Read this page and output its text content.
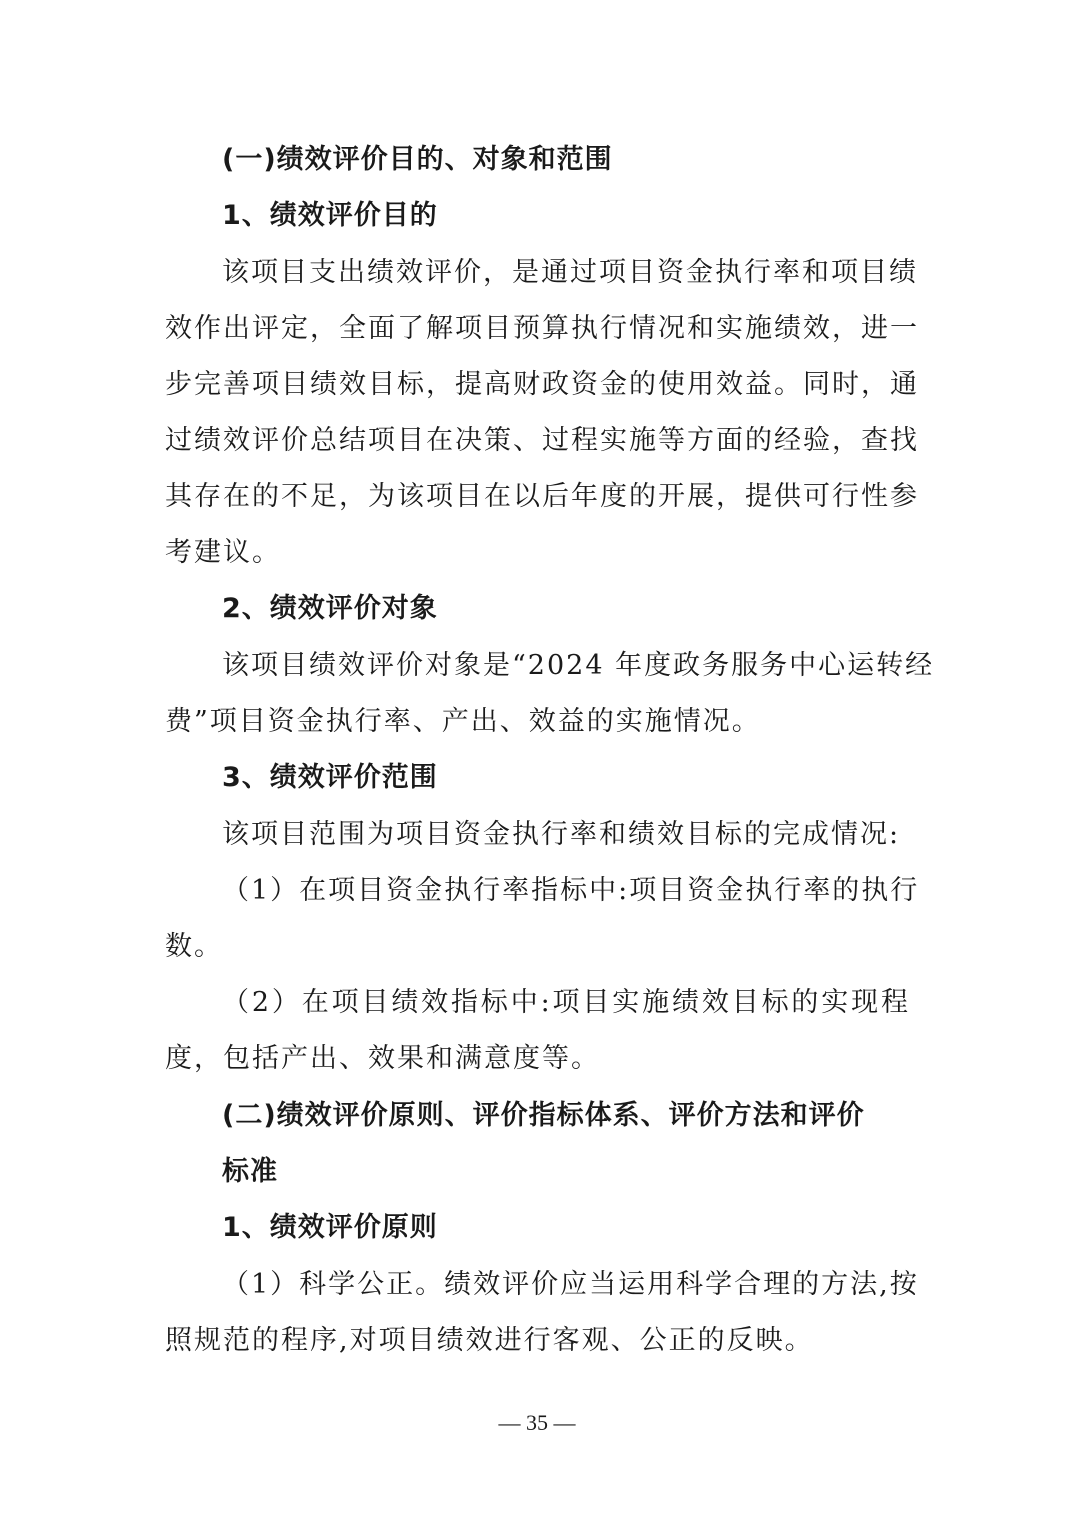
(一)绩效评价目的、对象和范围

1、绩效评价目的

该项目支出绩效评价，是通过项目资金执行率和项目绩

效作出评定，全面了解项目预算执行情况和实施绩效，进一

步完善项目绩效目标，提高财政资金的使用效益。同时，通

过绩效评价总结项目在决策、过程实施等方面的经验，查找

其存在的不足，为该项目在以后年度的开展，提供可行性参

考建议。

2、绩效评价对象

该项目绩效评价对象是“2024 年度政务服务中心运转经

费”项目资金执行率、产出、效益的实施情况。

3、绩效评价范围

该项目范围为项目资金执行率和绩效目标的完成情况:

（1）在项目资金执行率指标中:项目资金执行率的执行

数。

（2）在项目绩效指标中:项目实施绩效目标的实现程

度，包括产出、效果和满意度等。

(二)绩效评价原则、评价指标体系、评价方法和评价

标准

1、绩效评价原则

（1）科学公正。绩效评价应当运用科学合理的方法,按

照规范的程序,对项目绩效进行客观、公正的反映。

— 35 —
